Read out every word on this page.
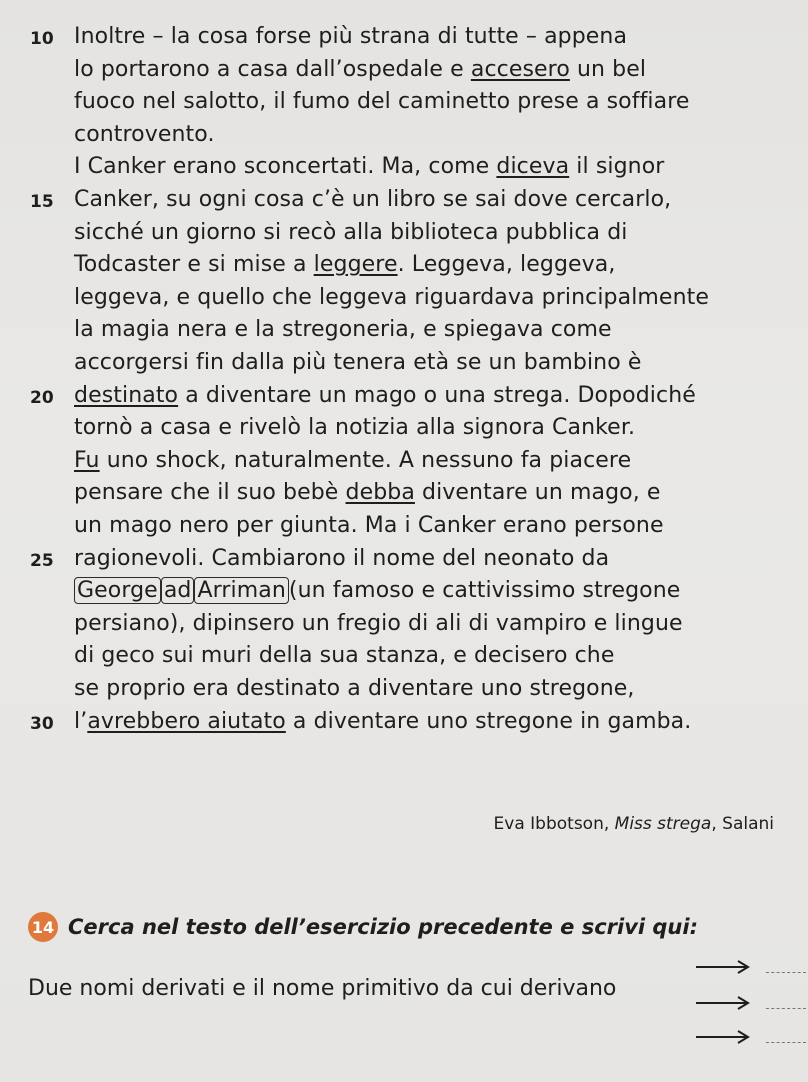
10 Inoltre – la cosa forse più strana di tutte – appena
lo portarono a casa dall’ospedale e accesero un bel
fuoco nel salotto, il fumo del caminetto prese a soffiare
controvento.
I Canker erano sconcertati. Ma, come diceva il signor
15 Canker, su ogni cosa c’è un libro se sai dove cercarlo,
sicché un giorno si recò alla biblioteca pubblica di
Todcaster e si mise a leggere. Leggeva, leggeva,
leggeva, e quello che leggeva riguardava principalmente
la magia nera e la stregoneria, e spiegava come
accorgersi fin dalla più tenera età se un bambino è
20 destinato a diventare un mago o una strega. Dopodiché
tornò a casa e rivelò la notizia alla signora Canker.
Fu uno shock, naturalmente. A nessuno fa piacere
pensare che il suo bebè debba diventare un mago, e
un mago nero per giunta. Ma i Canker erano persone
25 ragionevoli. Cambiarono il nome del neonato da
George ad Arriman (un famoso e cattivissimo stregone
persiano), dipinsero un fregio di ali di vampiro e lingue
di geco sui muri della sua stanza, e decisero che
se proprio era destinato a diventare uno stregone,
30 l’avrebbero aiutato a diventare uno stregone in gamba.
Eva Ibbotson, Miss strega, Salani
14 Cerca nel testo dell’esercizio precedente e scrivi qui:
Due nomi derivati e il nome primitivo da cui derivano
